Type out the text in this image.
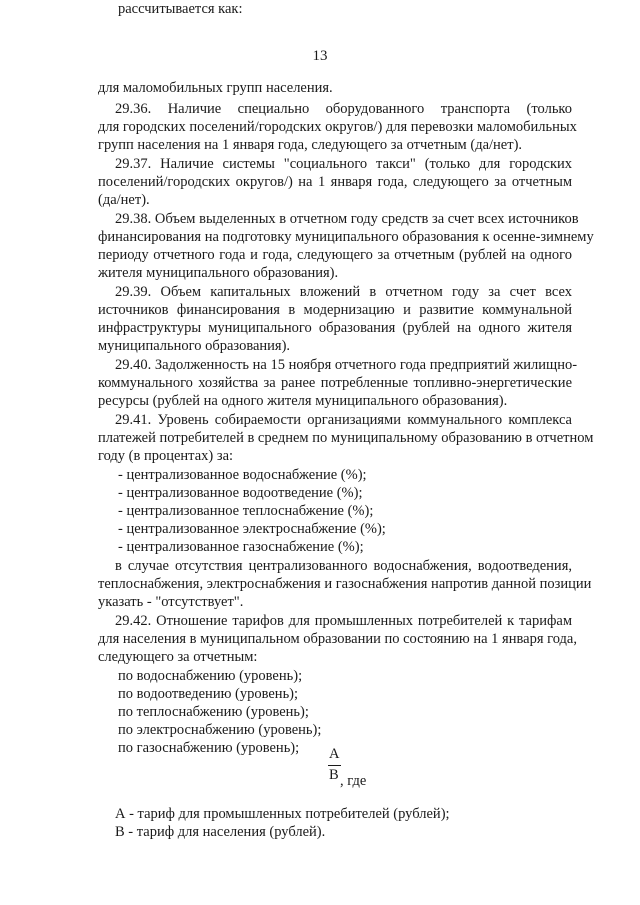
13
для маломобильных групп населения.
29.36. Наличие специально оборудованного транспорта (только
для городских поселений/городских округов/) для перевозки маломобильных
групп населения на 1 января года, следующего за отчетным (да/нет).
29.37. Наличие системы "социального такси" (только для городских
поселений/городских округов/) на 1 января года, следующего за отчетным
(да/нет).
29.38. Объем выделенных в отчетном году средств за счет всех источников
финансирования на подготовку муниципального образования к осенне-зимнему
периоду отчетного года и года, следующего за отчетным (рублей на одного
жителя муниципального образования).
29.39. Объем капитальных вложений в отчетном году за счет всех
источников финансирования в модернизацию и развитие коммунальной
инфраструктуры муниципального образования (рублей на одного жителя
муниципального образования).
29.40. Задолженность на 15 ноября отчетного года предприятий жилищно-
коммунального хозяйства за ранее потребленные топливно-энергетические
ресурсы (рублей на одного жителя муниципального образования).
29.41. Уровень собираемости организациями коммунального комплекса
платежей потребителей в среднем по муниципальному образованию в отчетном
году (в процентах) за:
- централизованное водоснабжение (%);
- централизованное водоотведение (%);
- централизованное теплоснабжение (%);
- централизованное электроснабжение (%);
- централизованное газоснабжение (%);
в случае отсутствия централизованного водоснабжения, водоотведения,
теплоснабжения, электроснабжения и газоснабжения напротив данной позиции
указать - "отсутствует".
29.42. Отношение тарифов для промышленных потребителей к тарифам
для населения в муниципальном образовании по состоянию на 1 января года,
следующего за отчетным:
по водоснабжению (уровень);
по водоотведению (уровень);
по теплоснабжению (уровень);
по электроснабжению (уровень);
по газоснабжению (уровень);
рассчитывается как:
А
В , где
А - тариф для промышленных потребителей (рублей);
В - тариф для населения (рублей).
